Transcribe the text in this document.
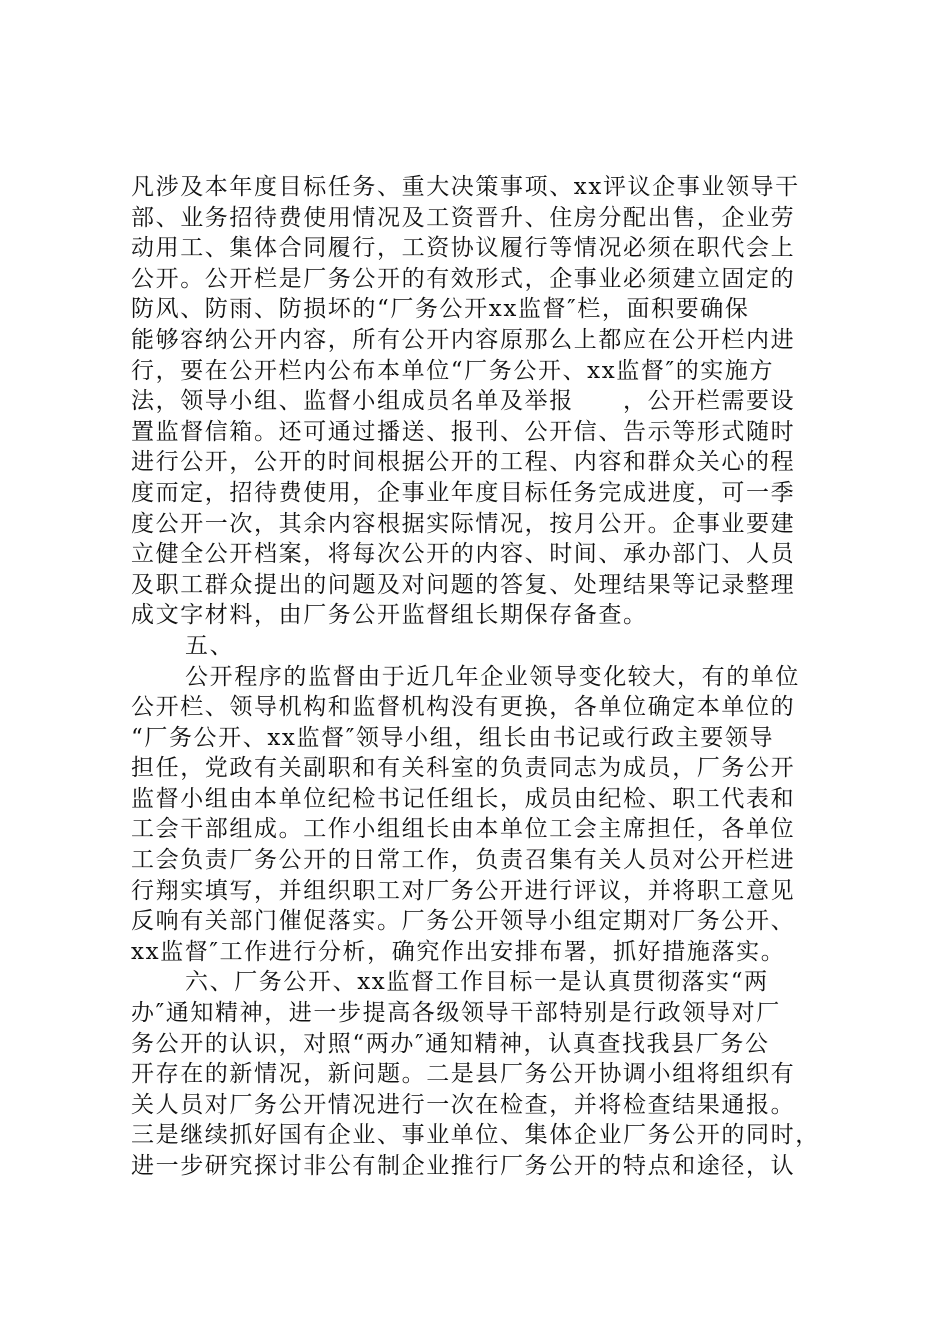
凡涉及本年度目标任务、重大决策事项、xx评议企事业领导干
部、业务招待费使用情况及工资晋升、住房分配出售，企业劳
动用工、集体合同履行，工资协议履行等情况必须在职代会上
公开。公开栏是厂务公开的有效形式，企事业必须建立固定的
防风、防雨、防损坏的“厂务公开xx监督″栏，面积要确保
能够容纳公开内容，所有公开内容原那么上都应在公开栏内进
行，要在公开栏内公布本单位“厂务公开、xx监督″的实施方
法，领导小组、监督小组成员名单及举报　　，公开栏需要设
置监督信箱。还可通过播送、报刊、公开信、告示等形式随时
进行公开，公开的时间根据公开的工程、内容和群众关心的程
度而定，招待费使用，企事业年度目标任务完成进度，可一季
度公开一次，其余内容根据实际情况，按月公开。企事业要建
立健全公开档案，将每次公开的内容、时间、承办部门、人员
及职工群众提出的问题及对问题的答复、处理结果等记录整理
成文字材料，由厂务公开监督组长期保存备查。
五、
公开程序的监督由于近几年企业领导变化较大，有的单位
公开栏、领导机构和监督机构没有更换，各单位确定本单位的
“厂务公开、xx监督″领导小组，组长由书记或行政主要领导
担任，党政有关副职和有关科室的负责同志为成员，厂务公开
监督小组由本单位纪检书记任组长，成员由纪检、职工代表和
工会干部组成。工作小组组长由本单位工会主席担任，各单位
工会负责厂务公开的日常工作，负责召集有关人员对公开栏进
行翔实填写，并组织职工对厂务公开进行评议，并将职工意见
反响有关部门催促落实。厂务公开领导小组定期对厂务公开、
xx监督″工作进行分析，确究作出安排布署，抓好措施落实。
六、厂务公开、xx监督工作目标一是认真贯彻落实“两
办″通知精神，进一步提高各级领导干部特别是行政领导对厂
务公开的认识，对照“两办″通知精神，认真查找我县厂务公
开存在的新情况，新问题。二是县厂务公开协调小组将组织有
关人员对厂务公开情况进行一次在检查，并将检查结果通报。
三是继续抓好国有企业、事业单位、集体企业厂务公开的同时，
进一步研究探讨非公有制企业推行厂务公开的特点和途径，认
